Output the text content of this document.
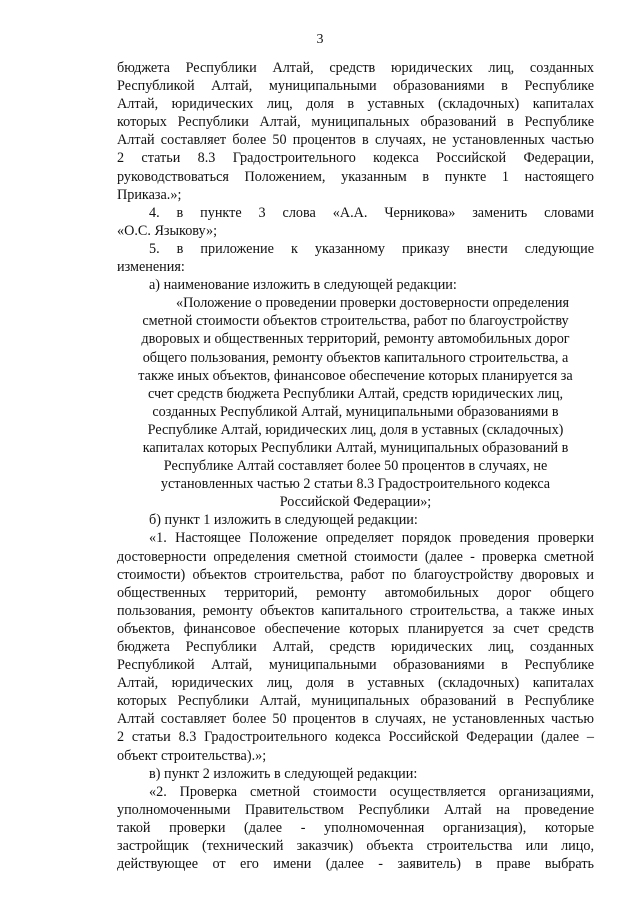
3
бюджета Республики Алтай, средств юридических лиц, созданных
Республикой Алтай, муниципальными образованиями в Республике
Алтай, юридических лиц, доля в уставных (складочных) капиталах
которых Республики Алтай, муниципальных образований в Республике
Алтай составляет более 50 процентов в случаях, не установленных частью
2 статьи 8.3 Градостроительного кодекса Российской Федерации,
руководствоваться Положением, указанным в пункте 1 настоящего
Приказа.»;
4. в пункте 3 слова «А.А. Черникова» заменить словами
«О.С. Языкову»;
5. в приложение к указанному приказу внести следующие
изменения:
а) наименование изложить в следующей редакции:
«Положение о проведении проверки достоверности определения
сметной стоимости объектов строительства, работ по благоустройству
дворовых и общественных территорий, ремонту автомобильных дорог
общего пользования, ремонту объектов капитального строительства, а
также иных объектов, финансовое обеспечение которых планируется за
счет средств бюджета Республики Алтай, средств юридических лиц,
созданных Республикой Алтай, муниципальными образованиями в
Республике Алтай, юридических лиц, доля в уставных (складочных)
капиталах которых Республики Алтай, муниципальных образований в
Республике Алтай составляет более 50 процентов в случаях, не
установленных частью 2 статьи 8.3 Градостроительного кодекса
Российской Федерации»;
б) пункт 1 изложить в следующей редакции:
«1. Настоящее Положение определяет порядок проведения проверки
достоверности определения сметной стоимости (далее - проверка сметной
стоимости) объектов строительства, работ по благоустройству дворовых и
общественных территорий, ремонту автомобильных дорог общего
пользования, ремонту объектов капитального строительства, а также иных
объектов, финансовое обеспечение которых планируется за счет средств
бюджета Республики Алтай, средств юридических лиц, созданных
Республикой Алтай, муниципальными образованиями в Республике
Алтай, юридических лиц, доля в уставных (складочных) капиталах
которых Республики Алтай, муниципальных образований в Республике
Алтай составляет более 50 процентов в случаях, не установленных частью
2 статьи 8.3 Градостроительного кодекса Российской Федерации (далее –
объект строительства).»;
в) пункт 2 изложить в следующей редакции:
«2. Проверка сметной стоимости осуществляется организациями,
уполномоченными Правительством Республики Алтай на проведение
такой проверки (далее - уполномоченная организация), которые
застройщик (технический заказчик) объекта строительства или лицо,
действующее от его имени (далее - заявитель) в праве выбрать
